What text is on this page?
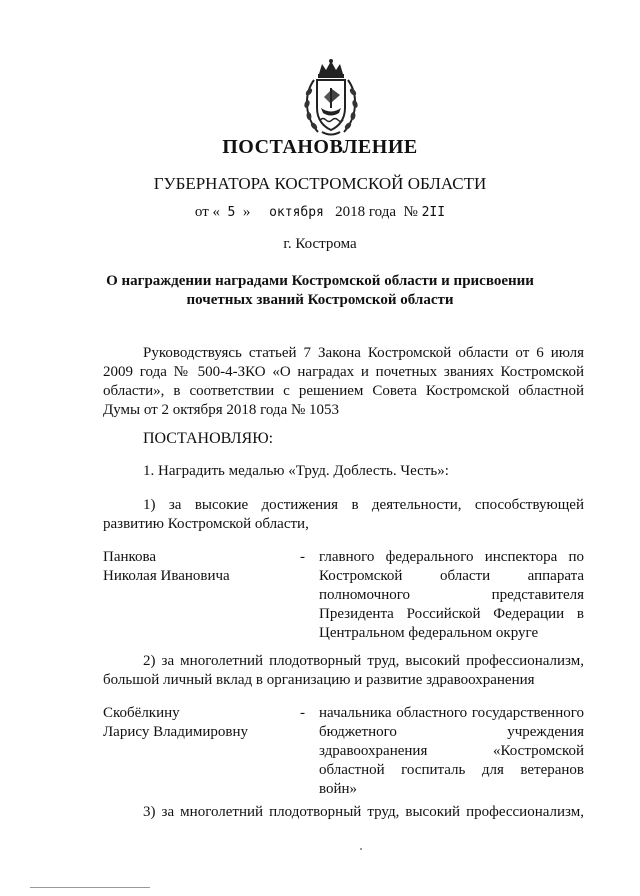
ПОСТАНОВЛЕНИЕ
ГУБЕРНАТОРА КОСТРОМСКОЙ ОБЛАСТИ
от « 5 » октября 2018 года № 2II
г. Кострома
О награждении наградами Костромской области и присвоении
почетных званий Костромской области
Руководствуясь статьей 7 Закона Костромской области от 6 июля 2009 года № 500-4-ЗКО «О наградах и почетных званиях Костромской области», в соответствии с решением Совета Костромской областной Думы от 2 октября 2018 года № 1053
ПОСТАНОВЛЯЮ:
1. Наградить медалью «Труд. Доблесть. Честь»:
1) за высокие достижения в деятельности, способствующей развитию Костромской области,
Панкова
Николая Ивановича
- главного федерального инспектора по Костромской области аппарата полномочного представителя Президента Российской Федерации в Центральном федеральном округе
2) за многолетний плодотворный труд, высокий профессионализм, большой личный вклад в организацию и развитие здравоохранения
Скобёлкину
Ларису Владимировну
- начальника областного государственного бюджетного учреждения здравоохранения «Костромской областной госпиталь для ветеранов войн»
3) за многолетний плодотворный труд, высокий профессионализм,
